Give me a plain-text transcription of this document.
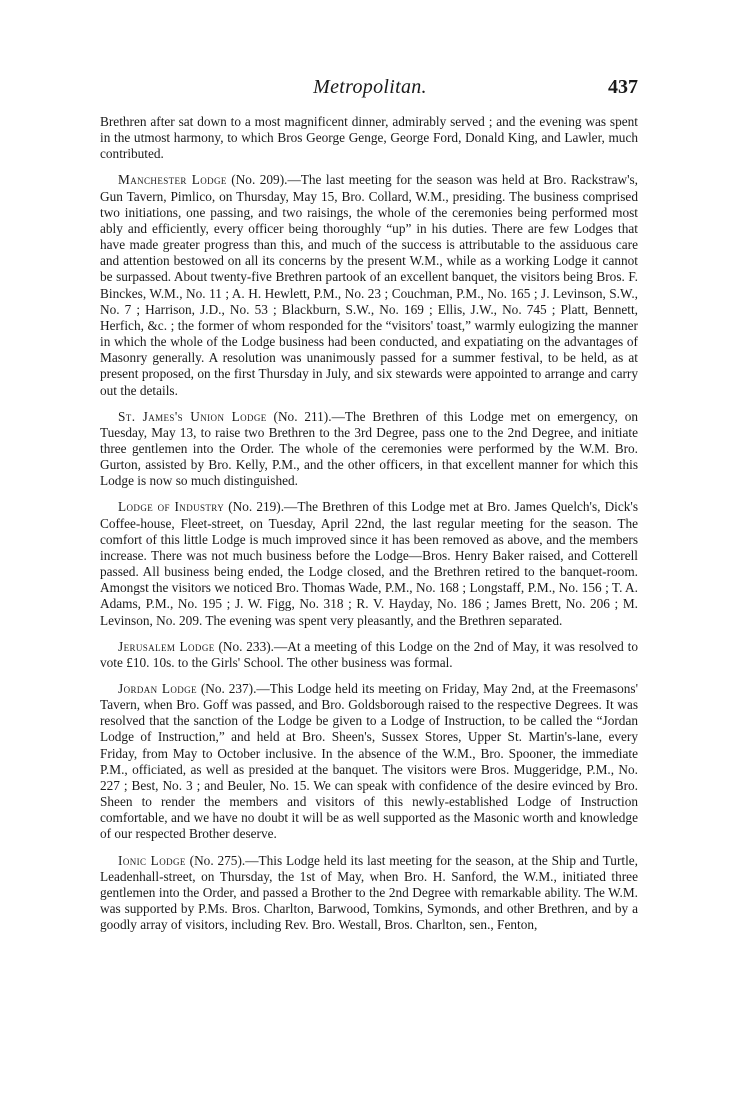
Metropolitan.	437

Brethren after sat down to a most magnificent dinner, admirably served ; and the evening was spent in the utmost harmony, to which Bros George Genge, George Ford, Donald King, and Lawler, much contributed.

Manchester Lodge (No. 209).—The last meeting for the season was held at Bro. Rackstraw's, Gun Tavern, Pimlico, on Thursday, May 15, Bro. Collard, W.M., presiding. The business comprised two initiations, one passing, and two raisings, the whole of the ceremonies being performed most ably and efficiently, every officer being thoroughly “up” in his duties. There are few Lodges that have made greater progress than this, and much of the success is attributable to the assiduous care and attention bestowed on all its concerns by the present W.M., while as a working Lodge it cannot be surpassed. About twenty-five Brethren partook of an excellent banquet, the visitors being Bros. F. Binckes, W.M., No. 11 ; A. H. Hewlett, P.M., No. 23 ; Couchman, P.M., No. 165 ; J. Levinson, S.W., No. 7 ; Harrison, J.D., No. 53 ; Blackburn, S.W., No. 169 ; Ellis, J.W., No. 745 ; Platt, Bennett, Herfich, &c. ; the former of whom responded for the “visitors' toast,” warmly eulogizing the manner in which the whole of the Lodge business had been conducted, and expatiating on the advantages of Masonry generally. A resolution was unanimously passed for a summer festival, to be held, as at present proposed, on the first Thursday in July, and six stewards were appointed to arrange and carry out the details.

St. James's Union Lodge (No. 211).—The Brethren of this Lodge met on emergency, on Tuesday, May 13, to raise two Brethren to the 3rd Degree, pass one to the 2nd Degree, and initiate three gentlemen into the Order. The whole of the ceremonies were performed by the W.M. Bro. Gurton, assisted by Bro. Kelly, P.M., and the other officers, in that excellent manner for which this Lodge is now so much distinguished.

Lodge of Industry (No. 219).—The Brethren of this Lodge met at Bro. James Quelch's, Dick's Coffee-house, Fleet-street, on Tuesday, April 22nd, the last regular meeting for the season. The comfort of this little Lodge is much improved since it has been removed as above, and the members increase. There was not much business before the Lodge—Bros. Henry Baker raised, and Cotterell passed. All business being ended, the Lodge closed, and the Brethren retired to the banquet-room. Amongst the visitors we noticed Bro. Thomas Wade, P.M., No. 168 ; Longstaff, P.M., No. 156 ; T. A. Adams, P.M., No. 195 ; J. W. Figg, No. 318 ; R. V. Hayday, No. 186 ; James Brett, No. 206 ; M. Levinson, No. 209. The evening was spent very pleasantly, and the Brethren separated.

Jerusalem Lodge (No. 233).—At a meeting of this Lodge on the 2nd of May, it was resolved to vote £10. 10s. to the Girls' School. The other business was formal.

Jordan Lodge (No. 237).—This Lodge held its meeting on Friday, May 2nd, at the Freemasons' Tavern, when Bro. Goff was passed, and Bro. Goldsborough raised to the respective Degrees. It was resolved that the sanction of the Lodge be given to a Lodge of Instruction, to be called the “Jordan Lodge of Instruction,” and held at Bro. Sheen's, Sussex Stores, Upper St. Martin's-lane, every Friday, from May to October inclusive. In the absence of the W.M., Bro. Spooner, the immediate P.M., officiated, as well as presided at the banquet. The visitors were Bros. Muggeridge, P.M., No. 227 ; Best, No. 3 ; and Beuler, No. 15. We can speak with confidence of the desire evinced by Bro. Sheen to render the members and visitors of this newly-established Lodge of Instruction comfortable, and we have no doubt it will be as well supported as the Masonic worth and knowledge of our respected Brother deserve.

Ionic Lodge (No. 275).—This Lodge held its last meeting for the season, at the Ship and Turtle, Leadenhall-street, on Thursday, the 1st of May, when Bro. H. Sanford, the W.M., initiated three gentlemen into the Order, and passed a Brother to the 2nd Degree with remarkable ability. The W.M. was supported by P.Ms. Bros. Charlton, Barwood, Tomkins, Symonds, and other Brethren, and by a goodly array of visitors, including Rev. Bro. Westall, Bros. Charlton, sen., Fenton,
